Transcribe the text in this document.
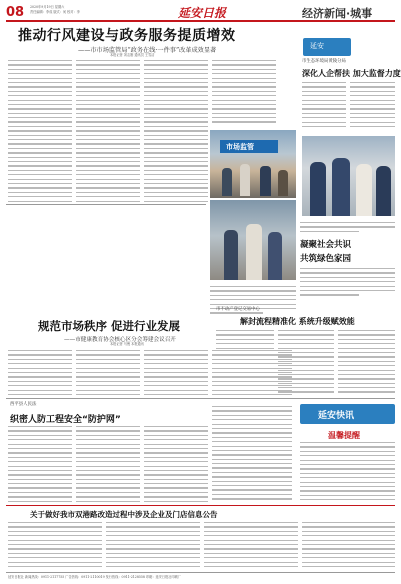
08 2020年9月19日 星期六
责任编辑：李成 版式：何 校对：李	延安日报	经济新闻·城事
推动行风建设与政务服务提质增效
——市市场监管局“政务在线·一件事”改革成效显著
本报记者 刘志刚 通讯员 王雪洁
延安
市生态环境局黄陵分局
深化人企帮扶 加大监督力度
市场监管
凝聚社会共识
共筑绿色家园
规范市场秩序 促进行业发展
——市健康教育协会核心区分会筹建会议召开
本报记者 马俊 本报通讯
市不动产登记交易中心
解封流程精准化 系统升级赋效能
西平县人民法
织密人防工程安全“防护网”	延安快讯
温馨提醒
关于做好我市双港路改造过程中涉及企业及门店信息公告
延安日报社 新闻热线：0911-2117755 广告热线：0911-2110019 发行热线：0911-2128558 印刷：延安日报社印刷厂
